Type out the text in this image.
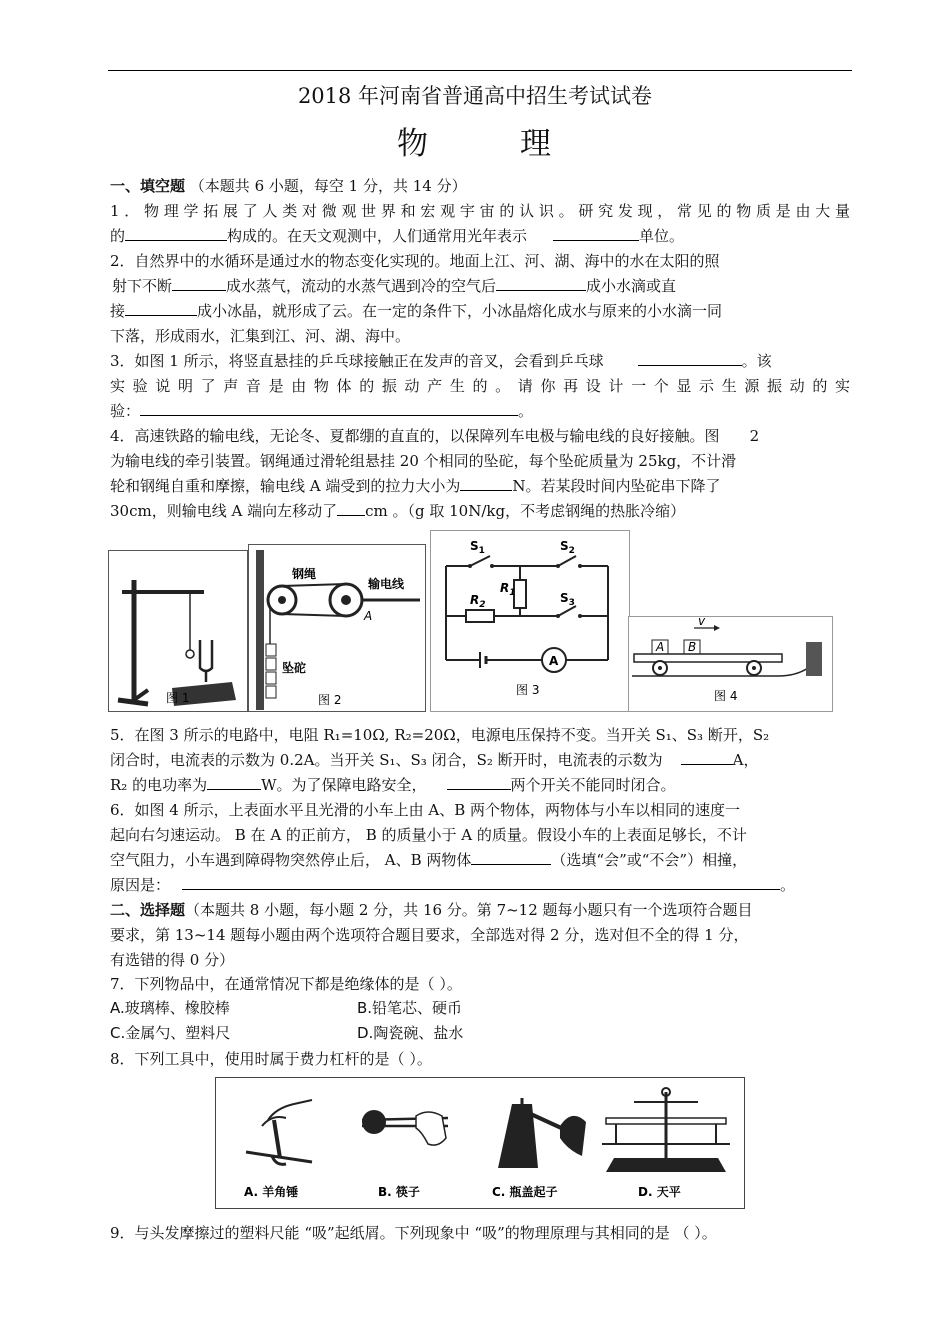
2018 年河南省普通高中招生考试试卷
物	理
一、填空题 （本题共 6 小题，每空 1 分，共 14 分）
1．物理学拓展了人类对微观世界和宏观宇宙的认识。研究发现，常见的物质是由大量
的	构成的。在天文观测中，人们通常用光年表示	单位。
2．自然界中的水循环是通过水的物态变化实现的。地面上江、河、湖、海中的水在太阳的照
射下不断	成水蒸气，流动的水蒸气遇到冷的空气后	成小水滴或直
接	成小冰晶，就形成了云。在一定的条件下，小冰晶熔化成水与原来的小水滴一同
下落，形成雨水，汇集到江、河、湖、海中。
3．如图 1 所示，将竖直悬挂的乒乓球接触正在发声的音叉，会看到乒乓球	。该
实验说明了声音是由物体的振动产生的。请你再设计一个显示生源振动的实
验：	。
4．高速铁路的输电线，无论冬、夏都绷的直直的，以保障列车电极与输电线的良好接触。图 2
为输电线的牵引装置。钢绳通过滑轮组悬挂 20 个相同的坠砣，每个坠砣质量为 25kg，不计滑
轮和钢绳自重和摩擦，输电线 A 端受到的拉力大小为	N。若某段时间内坠砣串下降了
30cm，则输电线 A 端向左移动了 cm 。（g 取 10N/kg，不考虑钢绳的热胀冷缩）
图 1
钢绳
输电线
A
坠砣
图 2
A
$S_1$	$S_2$
$S_3$
$R_1$
$R_2$
图 3
v
A B
图 4
5．在图 3 所示的电路中，电阻 R₁=10Ω, R₂=20Ω，电源电压保持不变。当开关 S₁、S₃ 断开，S₂
闭合时，电流表的示数为 0.2A。当开关 S₁、S₃ 闭合，S₂ 断开时，电流表的示数为	A，
R₂ 的电功率为	W。为了保障电路安全，	两个开关不能同时闭合。
6．如图 4 所示，上表面水平且光滑的小车上由 A、B 两个物体，两物体与小车以相同的速度一
起向右匀速运动。 B 在 A 的正前方， B 的质量小于 A 的质量。假设小车的上表面足够长，不计
空气阻力，小车遇到障碍物突然停止后， A、B 两物体	（选填“会”或“不会”）相撞，
原因是：	。
二、选择题（本题共 8 小题，每小题 2 分，共 16 分。第 7~12 题每小题只有一个选项符合题目
要求，第 13~14 题每小题由两个选项符合题目要求，全部选对得 2 分，选对但不全的得 1 分，
有选错的得 0 分）
7．下列物品中，在通常情况下都是绝缘体的是（ ）。
A.玻璃棒、橡胶棒	B.铅笔芯、硬币
C.金属勺、塑料尺	D.陶瓷碗、盐水
8．下列工具中，使用时属于费力杠杆的是（ ）。
A. 羊角锤	B. 筷子	C. 瓶盖起子	D. 天平
9．与头发摩擦过的塑料尺能 “吸”起纸屑。下列现象中 “吸”的物理原理与其相同的是 （ ）。
